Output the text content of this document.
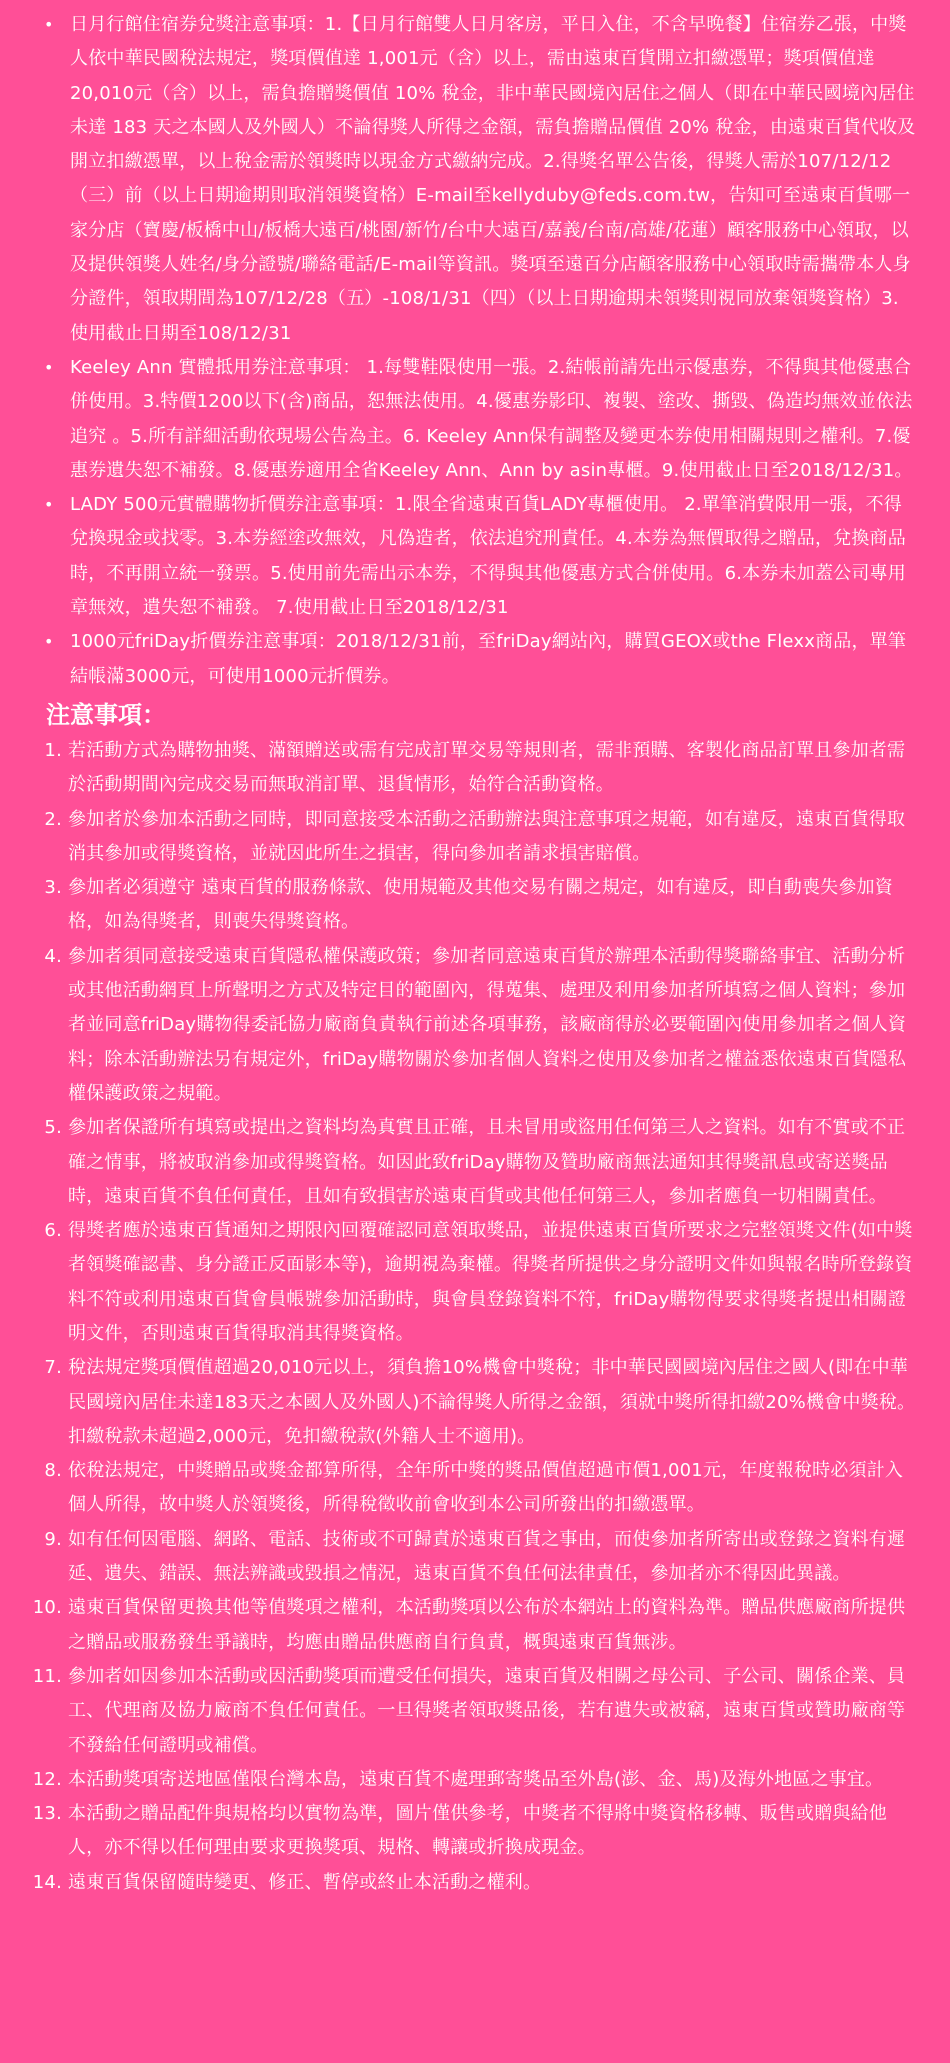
• 日月行館住宿券兌獎注意事項：1.【日月行館雙人日月客房，平日入住，不含早晚餐】住宿券乙張，中獎人依中華民國稅法規定，獎項價值達 1,001元（含）以上，需由遠東百貨開立扣繳憑單；獎項價值達 20,010元（含）以上，需負擔贈獎價值 10% 稅金，非中華民國境內居住之個人（即在中華民國境內居住未達 183 天之本國人及外國人）不論得獎人所得之金額，需負擔贈品價值 20% 稅金，由遠東百貨代收及開立扣繳憑單，以上稅金需於領獎時以現金方式繳納完成。2.得獎名單公告後，得獎人需於107/12/12（三）前（以上日期逾期則取消領獎資格）E-mail至kellyduby@feds.com.tw，告知可至遠東百貨哪一家分店（寶慶/板橋中山/板橋大遠百/桃園/新竹/台中大遠百/嘉義/台南/高雄/花蓮）顧客服務中心領取，以及提供領獎人姓名/身分證號/聯絡電話/E-mail等資訊。獎項至遠百分店顧客服務中心領取時需攜帶本人身分證件，領取期間為107/12/28（五）-108/1/31（四）（以上日期逾期未領獎則視同放棄領獎資格）3.使用截止日期至108/12/31
• Keeley Ann 實體抵用券注意事項： 1.每雙鞋限使用一張。2.結帳前請先出示優惠券，不得與其他優惠合併使用。3.特價1200以下(含)商品，恕無法使用。4.優惠券影印、複製、塗改、撕毀、偽造均無效並依法追究 。5.所有詳細活動依現場公告為主。6. Keeley Ann保有調整及變更本券使用相關規則之權利。7.優惠券遺失恕不補發。8.優惠券適用全省Keeley Ann、Ann by asin專櫃。9.使用截止日至2018/12/31。
• LADY 500元實體購物折價券注意事項：1.限全省遠東百貨LADY專櫃使用。 2.單筆消費限用一張，不得兌換現金或找零。3.本券經塗改無效，凡偽造者，依法追究刑責任。4.本券為無價取得之贈品，兌換商品時，不再開立統一發票。5.使用前先需出示本券，不得與其他優惠方式合併使用。6.本券未加蓋公司專用章無效，遺失恕不補發。 7.使用截止日至2018/12/31
• 1000元friDay折價券注意事項：2018/12/31前，至friDay網站內，購買GEOX或the Flexx商品，單筆結帳滿3000元，可使用1000元折價券。
注意事項：
1. 若活動方式為購物抽獎、滿額贈送或需有完成訂單交易等規則者，需非預購、客製化商品訂單且參加者需於活動期間內完成交易而無取消訂單、退貨情形，始符合活動資格。
2. 參加者於參加本活動之同時，即同意接受本活動之活動辦法與注意事項之規範，如有違反，遠東百貨得取消其參加或得獎資格，並就因此所生之損害，得向參加者請求損害賠償。
3. 參加者必須遵守 遠東百貨的服務條款、使用規範及其他交易有關之規定，如有違反，即自動喪失參加資格，如為得獎者，則喪失得獎資格。
4. 參加者須同意接受遠東百貨隱私權保護政策；參加者同意遠東百貨於辦理本活動得獎聯絡事宜、活動分析或其他活動網頁上所聲明之方式及特定目的範圍內，得蒐集、處理及利用參加者所填寫之個人資料；參加者並同意friDay購物得委託協力廠商負責執行前述各項事務，該廠商得於必要範圍內使用參加者之個人資料；除本活動辦法另有規定外，friDay購物關於參加者個人資料之使用及參加者之權益悉依遠東百貨隱私權保護政策之規範。
5. 參加者保證所有填寫或提出之資料均為真實且正確，且未冒用或盜用任何第三人之資料。如有不實或不正確之情事，將被取消參加或得獎資格。如因此致friDay購物及贊助廠商無法通知其得獎訊息或寄送獎品時，遠東百貨不負任何責任，且如有致損害於遠東百貨或其他任何第三人，參加者應負一切相關責任。
6. 得獎者應於遠東百貨通知之期限內回覆確認同意領取獎品，並提供遠東百貨所要求之完整領獎文件(如中獎者領獎確認書、身分證正反面影本等)，逾期視為棄權。得獎者所提供之身分證明文件如與報名時所登錄資料不符或利用遠東百貨會員帳號參加活動時，與會員登錄資料不符，friDay購物得要求得獎者提出相關證明文件，否則遠東百貨得取消其得獎資格。
7. 稅法規定獎項價值超過20,010元以上，須負擔10%機會中獎稅；非中華民國國境內居住之國人(即在中華民國境內居住未達183天之本國人及外國人)不論得獎人所得之金額，須就中獎所得扣繳20%機會中獎稅。扣繳稅款未超過2,000元，免扣繳稅款(外籍人士不適用)。
8. 依稅法規定，中獎贈品或獎金都算所得，全年所中獎的獎品價值超過市價1,001元，年度報稅時必須計入個人所得，故中獎人於領獎後，所得稅徵收前會收到本公司所發出的扣繳憑單。
9. 如有任何因電腦、網路、電話、技術或不可歸責於遠東百貨之事由，而使參加者所寄出或登錄之資料有遲延、遺失、錯誤、無法辨識或毀損之情況，遠東百貨不負任何法律責任，參加者亦不得因此異議。
10. 遠東百貨保留更換其他等值獎項之權利，本活動獎項以公布於本網站上的資料為準。贈品供應廠商所提供之贈品或服務發生爭議時，均應由贈品供應商自行負責，概與遠東百貨無涉。
11. 參加者如因參加本活動或因活動獎項而遭受任何損失，遠東百貨及相關之母公司、子公司、關係企業、員工、代理商及協力廠商不負任何責任。一旦得獎者領取獎品後，若有遺失或被竊，遠東百貨或贊助廠商等不發給任何證明或補償。
12. 本活動獎項寄送地區僅限台灣本島，遠東百貨不處理郵寄獎品至外島(澎、金、馬)及海外地區之事宜。
13. 本活動之贈品配件與規格均以實物為準，圖片僅供參考，中獎者不得將中獎資格移轉、販售或贈與給他人，亦不得以任何理由要求更換獎項、規格、轉讓或折換成現金。
14. 遠東百貨保留隨時變更、修正、暫停或終止本活動之權利。
